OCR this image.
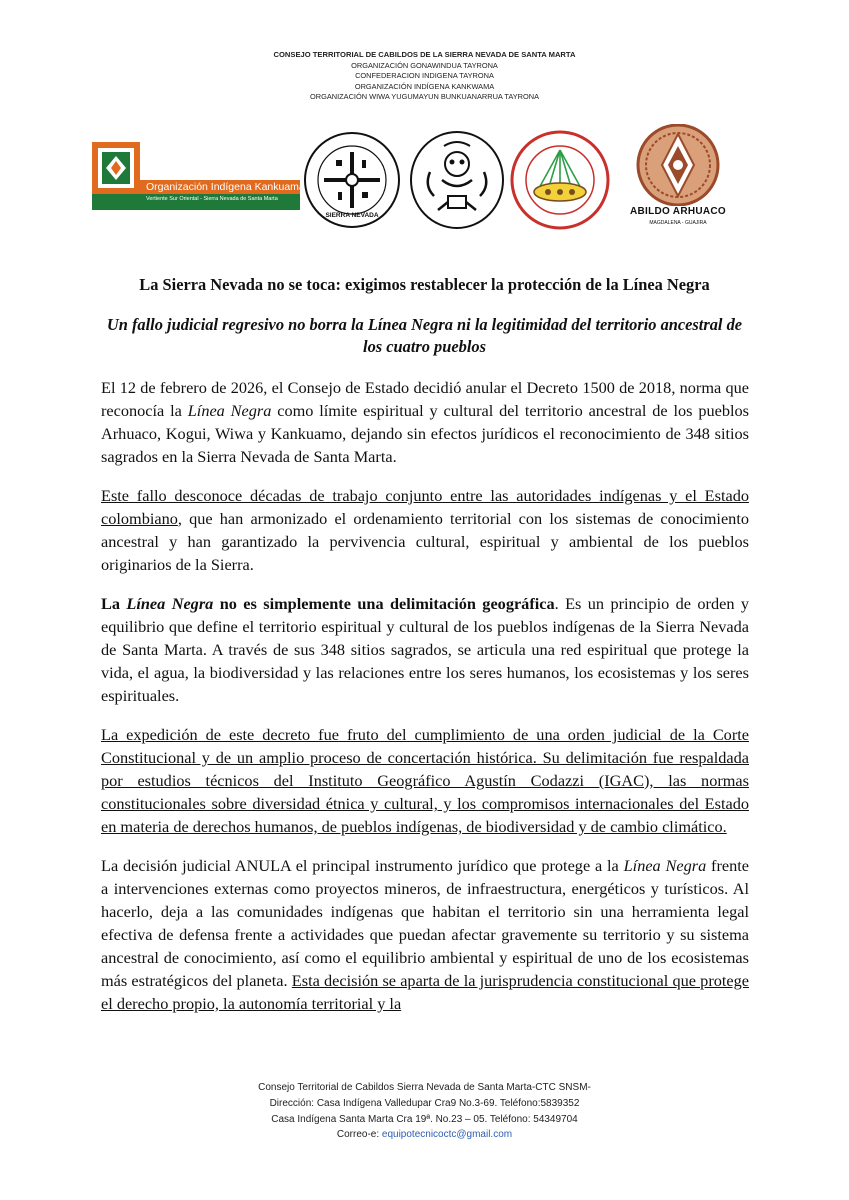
CONSEJO TERRITORIAL DE CABILDOS DE LA SIERRA NEVADA DE SANTA MARTA
ORGANIZACIÓN GONAWINDUA TAYRONA
CONFEDERACION INDIGENA TAYRONA
ORGANIZACIÓN INDÍGENA KANKWAMA
ORGANIZACIÓN WIWA YUGUMAYUN BUNKUANARRUA TAYRONA
Organización Indígena Kankuama
Vertiente Sur Oriental - Sierra Nevada de Santa Marta
SIERRA NEVADA	ABILDO ARHUACO
MAGDALENA - GUAJIRA
La Sierra Nevada no se toca: exigimos restablecer la protección de la Línea Negra
Un fallo judicial regresivo no borra la Línea Negra ni la legitimidad del territorio ancestral de los cuatro pueblos

El 12 de febrero de 2026, el Consejo de Estado decidió anular el Decreto 1500 de 2018, norma que reconocía la Línea Negra como límite espiritual y cultural del territorio ancestral de los pueblos Arhuaco, Kogui, Wiwa y Kankuamo, dejando sin efectos jurídicos el reconocimiento de 348 sitios sagrados en la Sierra Nevada de Santa Marta.

Este fallo desconoce décadas de trabajo conjunto entre las autoridades indígenas y el Estado colombiano, que han armonizado el ordenamiento territorial con los sistemas de conocimiento ancestral y han garantizado la pervivencia cultural, espiritual y ambiental de los pueblos originarios de la Sierra.

La Línea Negra no es simplemente una delimitación geográfica. Es un principio de orden y equilibrio que define el territorio espiritual y cultural de los pueblos indígenas de la Sierra Nevada de Santa Marta. A través de sus 348 sitios sagrados, se articula una red espiritual que protege la vida, el agua, la biodiversidad y las relaciones entre los seres humanos, los ecosistemas y los seres espirituales.

La expedición de este decreto fue fruto del cumplimiento de una orden judicial de la Corte Constitucional y de un amplio proceso de concertación histórica. Su delimitación fue respaldada por estudios técnicos del Instituto Geográfico Agustín Codazzi (IGAC), las normas constitucionales sobre diversidad étnica y cultural, y los compromisos internacionales del Estado en materia de derechos humanos, de pueblos indígenas, de biodiversidad y de cambio climático.

La decisión judicial ANULA el principal instrumento jurídico que protege a la Línea Negra frente a intervenciones externas como proyectos mineros, de infraestructura, energéticos y turísticos. Al hacerlo, deja a las comunidades indígenas que habitan el territorio sin una herramienta legal efectiva de defensa frente a actividades que puedan afectar gravemente su territorio y su sistema ancestral de conocimiento, así como el equilibrio ambiental y espiritual de uno de los ecosistemas más estratégicos del planeta. Esta decisión se aparta de la jurisprudencia constitucional que protege el derecho propio, la autonomía territorial y la

Consejo Territorial de Cabildos Sierra Nevada de Santa Marta-CTC SNSM-
Dirección: Casa Indígena Valledupar Cra9 No.3-69. Teléfono:5839352
Casa Indígena Santa Marta Cra 19ª. No.23 – 05. Teléfono: 54349704
Correo-e: equipotecnicoctc@gmail.com
